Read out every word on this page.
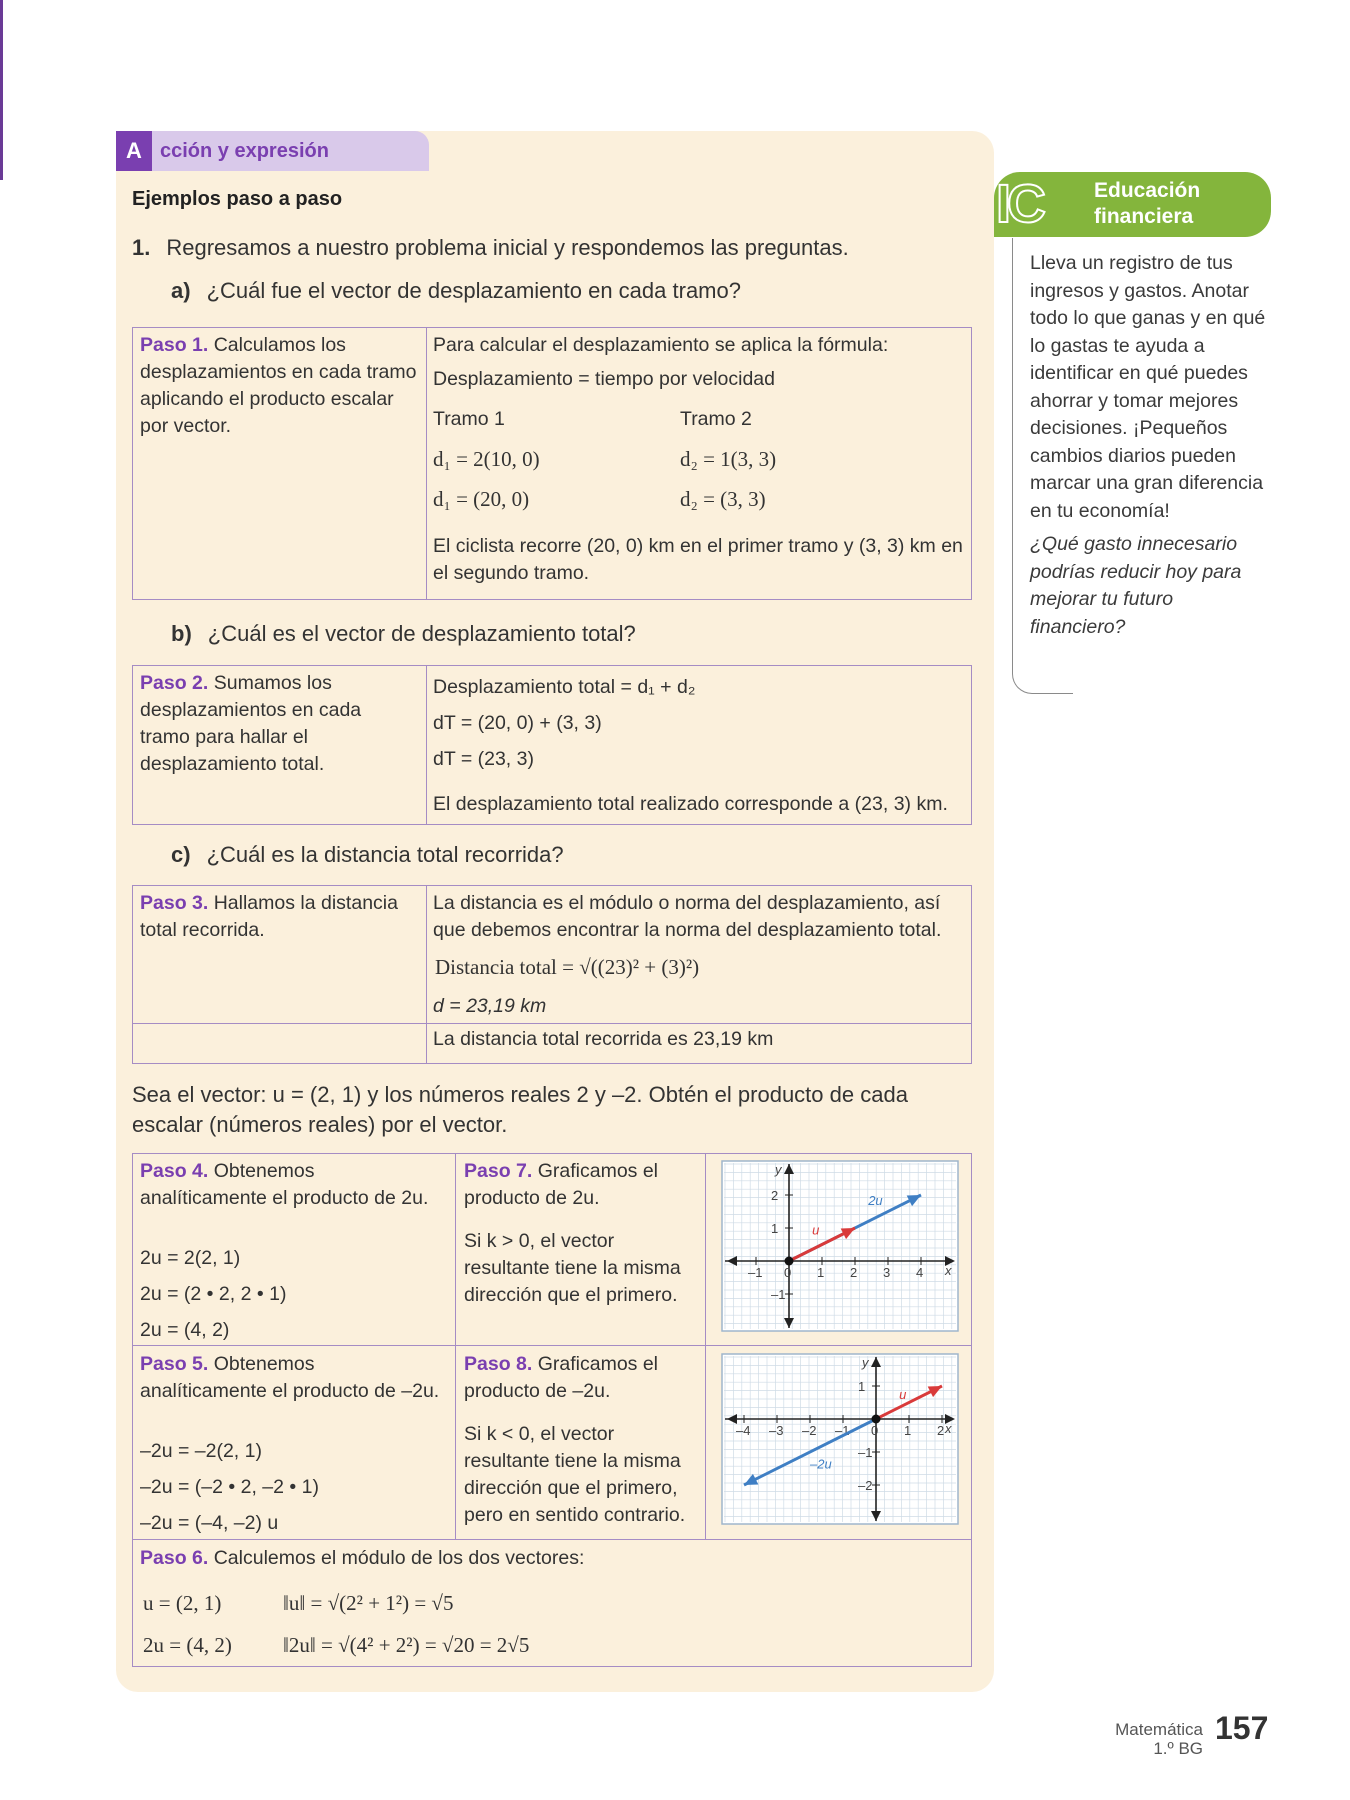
A cción y expresión
Ejemplos paso a paso
1. Regresamos a nuestro problema inicial y respondemos las preguntas.
a) ¿Cuál fue el vector de desplazamiento en cada tramo?
Paso 1. Calculamos los desplazamientos en cada tramo aplicando el producto escalar por vector.
Para calcular el desplazamiento se aplica la fórmula:
Desplazamiento = tiempo por velocidad
Tramo 1	Tramo 2
d₁ = 2(10, 0)
d₁ = (20, 0)
d₂ = 1(3, 3)
d₂ = (3, 3)
El ciclista recorre (20, 0) km en el primer tramo y (3, 3) km en el segundo tramo.
b) ¿Cuál es el vector de desplazamiento total?
Paso 2. Sumamos los desplazamientos en cada tramo para hallar el desplazamiento total.
Desplazamiento total = d₁ + d₂
dT = (20, 0) + (3, 3)
dT = (23, 3)
El desplazamiento total realizado corresponde a (23, 3) km.
c) ¿Cuál es la distancia total recorrida?
Paso 3. Hallamos la distancia total recorrida.
La distancia es el módulo o norma del desplazamiento, así que debemos encontrar la norma del desplazamiento total.
Distancia total = √((23)² + (3)²)
d = 23,19 km
La distancia total recorrida es 23,19 km
Sea el vector: u = (2, 1) y los números reales 2 y –2. Obtén el producto de cada escalar (números reales) por el vector.
Paso 4. Obtenemos analíticamente el producto de 2u.
2u = 2(2, 1)
2u = (2 • 2, 2 • 1)
2u = (4, 2)
Paso 7. Graficamos el producto de 2u.
Si k > 0, el vector resultante tiene la misma dirección que el primero.
Paso 5. Obtenemos analíticamente el producto de –2u.
–2u = –2(2, 1)
–2u = (–2 • 2, –2 • 1)
–2u = (–4, –2) u
Paso 8. Graficamos el producto de –2u.
Si k < 0, el vector resultante tiene la misma dirección que el primero, pero en sentido contrario.
Paso 6. Calculemos el módulo de los dos vectores:
u = (2, 1)	‖u‖ = √(2² + 1²) = √5
2u = (4, 2) ‖2u‖ = √(4² + 2²) = √20 = 2√5
–1 0 1 2 3 4
2
1
–1
x
y
u
2u
–4 –3 –2 –1 0 1 2
1
–1
–2
x
y
u
–2u
IC Educación
financiera
Lleva un registro de tus ingresos y gastos. Anotar todo lo que ganas y en qué lo gastas te ayuda a identificar en qué puedes ahorrar y tomar mejores decisiones. ¡Pequeños cambios diarios pueden marcar una gran diferencia en tu economía!
¿Qué gasto innecesario podrías reducir hoy para mejorar tu futuro financiero?
Matemática
1.º BG
157
